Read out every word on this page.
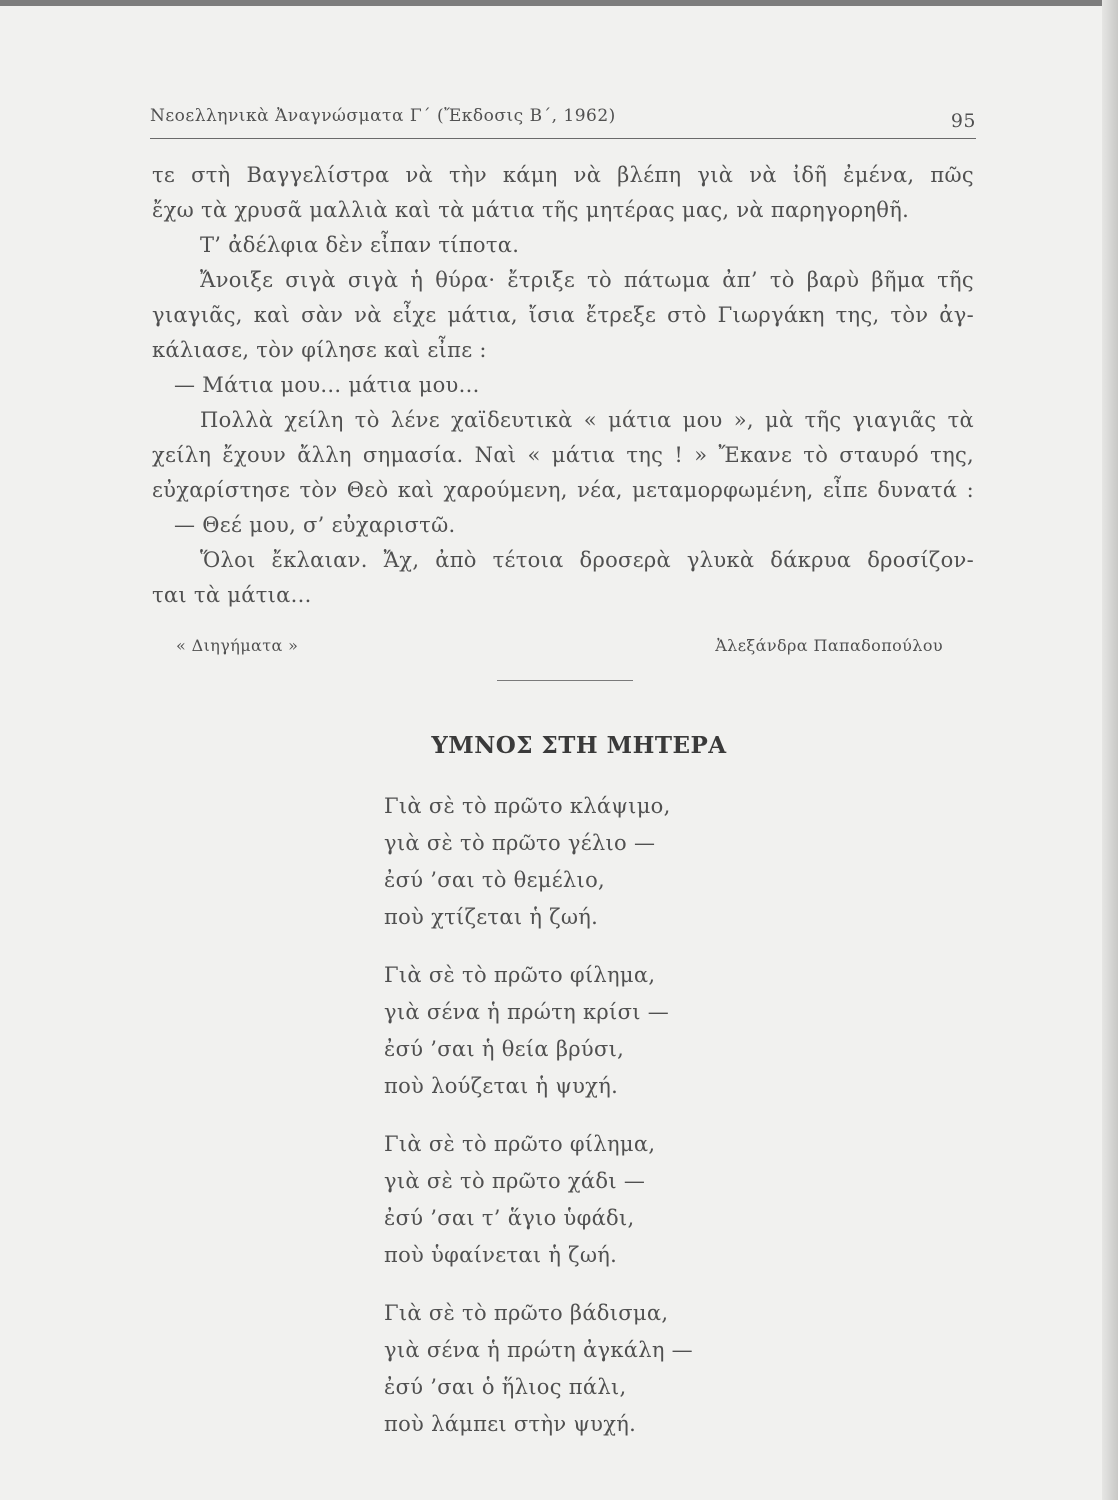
Νεοελληνικὰ Ἀναγνώσματα Γ΄ (Ἔκδοσις Β΄, 1962)	95

τε στὴ Βαγγελίστρα νὰ τὴν κάμη νὰ βλέπη γιὰ νὰ ἰδῆ ἐμένα, πῶς

ἔχω τὰ χρυσᾶ μαλλιὰ καὶ τὰ μάτια τῆς μητέρας μας, νὰ παρηγορηθῆ.

Τ’ ἀδέλφια δὲν εἶπαν τίποτα.

Ἄνοιξε σιγὰ σιγὰ ἡ θύρα· ἔτριξε τὸ πάτωμα ἀπ’ τὸ βαρὺ βῆμα τῆς

γιαγιᾶς, καὶ σὰν νὰ εἶχε μάτια, ἴσια ἔτρεξε στὸ Γιωργάκη της, τὸν ἀγ-

κάλιασε, τὸν φίλησε καὶ εἶπε :

— Μάτια μου... μάτια μου...

Πολλὰ χείλη τὸ λένε χαϊδευτικὰ « μάτια μου », μὰ τῆς γιαγιᾶς τὰ

χείλη ἔχουν ἄλλη σημασία. Ναὶ « μάτια της ! » Ἔκανε τὸ σταυρό της,

εὐχαρίστησε τὸν Θεὸ καὶ χαρούμενη, νέα, μεταμορφωμένη, εἶπε δυνατά :

— Θεέ μου, σ’ εὐχαριστῶ.

Ὅλοι ἔκλαιαν. Ἄχ, ἀπὸ τέτοια δροσερὰ γλυκὰ δάκρυα δροσίζον-

ται τὰ μάτια...

« Διηγήματα »	Ἀλεξάνδρα Παπαδοπούλου
ΥΜΝΟΣ ΣΤΗ ΜΗΤΕΡΑ
Γιὰ σὲ τὸ πρῶτο κλάψιμο,
γιὰ σὲ τὸ πρῶτο γέλιο —
ἐσύ ’σαι τὸ θεμέλιο,
ποὺ χτίζεται ἡ ζωή.
Γιὰ σὲ τὸ πρῶτο φίλημα,
γιὰ σένα ἡ πρώτη κρίσι —
ἐσύ ’σαι ἡ θεία βρύσι,
ποὺ λούζεται ἡ ψυχή.
Γιὰ σὲ τὸ πρῶτο φίλημα,
γιὰ σὲ τὸ πρῶτο χάδι —
ἐσύ ’σαι τ’ ἅγιο ὑφάδι,
ποὺ ὑφαίνεται ἡ ζωή.
Γιὰ σὲ τὸ πρῶτο βάδισμα,
γιὰ σένα ἡ πρώτη ἀγκάλη —
ἐσύ ’σαι ὁ ἥλιος πάλι,
ποὺ λάμπει στὴν ψυχή.
